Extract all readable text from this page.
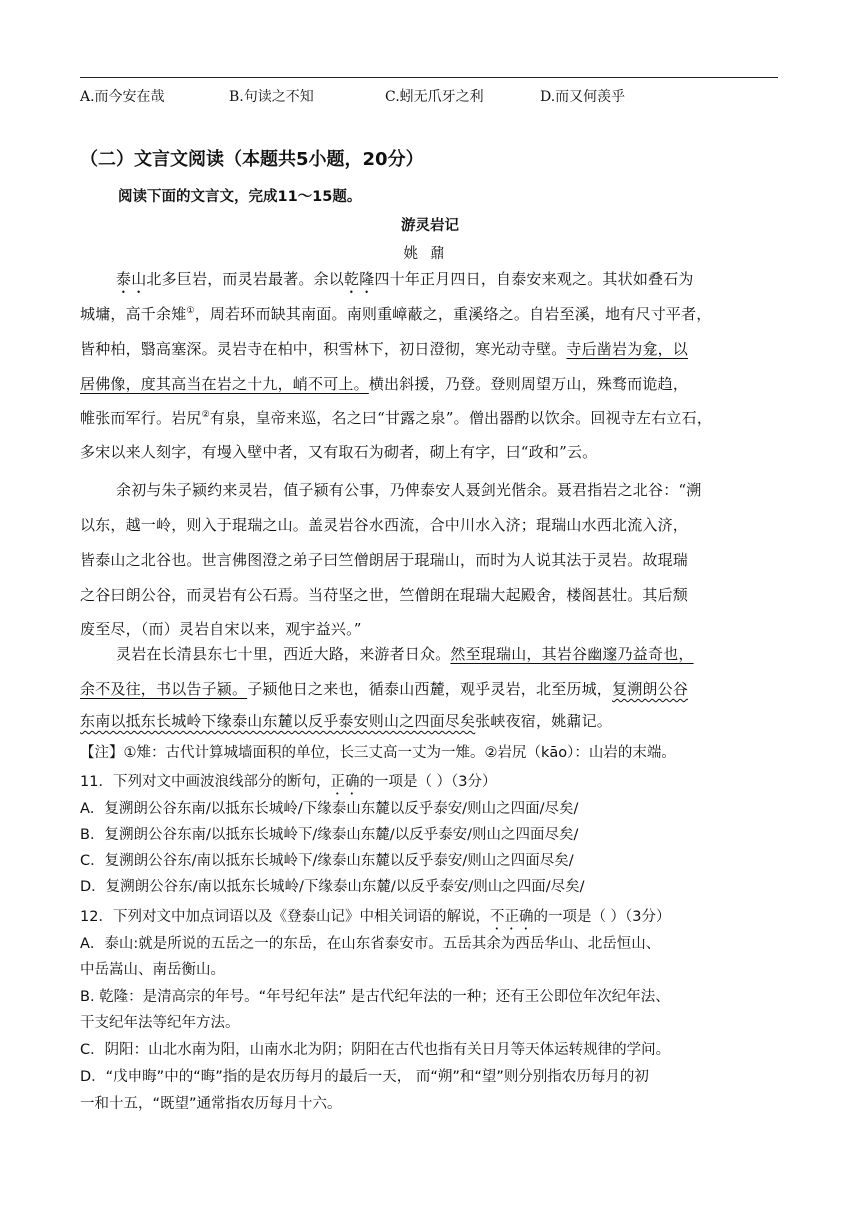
A.而今安在哉	B.句读之不知	C.蚓无爪牙之利	D.而又何羡乎
（二）文言文阅读（本题共5小题，20分）
阅读下面的文言文，完成11～15题。
游灵岩记
姚鼐
泰山北多巨岩，而灵岩最著。余以乾隆四十年正月四日，自泰安来观之。其状如叠石为
城墉，高千余雉①，周若环而缺其南面。南则重嶂蔽之，重溪络之。自岩至溪，地有尺寸平者，
皆种柏，翳高塞深。灵岩寺在柏中，积雪林下，初日澄彻，寒光动寺壁。寺后凿岩为龛，以
居佛像，度其高当在岩之十九，峭不可上。横出斜援，乃登。登则周望万山，殊骛而诡趋，
帷张而军行。岩尻②有泉，皇帝来巡，名之曰“甘露之泉”。僧出器酌以饮余。回视寺左右立石，
多宋以来人刻字，有墁入壁中者，又有取石为砌者，砌上有字，曰“政和”云。
余初与朱子颍约来灵岩，值子颍有公事，乃俾泰安人聂剑光偕余。聂君指岩之北谷：“溯
以东，越一岭，则入于琨瑞之山。盖灵岩谷水西流，合中川水入济；琨瑞山水西北流入济，
皆泰山之北谷也。世言佛图澄之弟子曰竺僧朗居于琨瑞山，而时为人说其法于灵岩。故琨瑞
之谷曰朗公谷，而灵岩有公石焉。当苻坚之世，竺僧朗在琨瑞大起殿舍，楼阁甚壮。其后颓
废至尽，（而）灵岩自宋以来，观宇益兴。”
灵岩在长清县东七十里，西近大路，来游者日众。然至琨瑞山，其岩谷幽邃乃益奇也，
余不及往，书以告子颍。子颍他日之来也，循泰山西麓，观乎灵岩，北至历城，复溯朗公谷
东南以抵东长城岭下缘泰山东麓以反乎泰安则山之四面尽矣张峡夜宿，姚鼐记。
【注】①雉：古代计算城墙面积的单位，长三丈高一丈为一雉。②岩尻（kāo）：山岩的末端。
11．下列对文中画波浪线部分的断句，正确的一项是（ ）（3分）
A．复溯朗公谷东南/以抵东长城岭/下缘泰山东麓以反乎泰安/则山之四面/尽矣/
B．复溯朗公谷东南/以抵东长城岭下/缘泰山东麓/以反乎泰安/则山之四面尽矣/
C．复溯朗公谷东/南以抵东长城岭下/缘泰山东麓以反乎泰安/则山之四面尽矣/
D．复溯朗公谷东/南以抵东长城岭/下缘泰山东麓/以反乎泰安/则山之四面/尽矣/
12．下列对文中加点词语以及《登泰山记》中相关词语的解说，不正确的一项是（ ）（3分）
A．泰山:就是所说的五岳之一的东岳，在山东省泰安市。五岳其余为西岳华山、北岳恒山、
中岳嵩山、南岳衡山。
B. 乾隆：是清高宗的年号。“年号纪年法” 是古代纪年法的一种；还有王公即位年次纪年法、
干支纪年法等纪年方法。
C．阴阳：山北水南为阳，山南水北为阴；阴阳在古代也指有关日月等天体运转规律的学问。
D．“戊申晦”中的“晦”指的是农历每月的最后一天， 而“朔”和“望”则分别指农历每月的初
一和十五，“既望”通常指农历每月十六。
